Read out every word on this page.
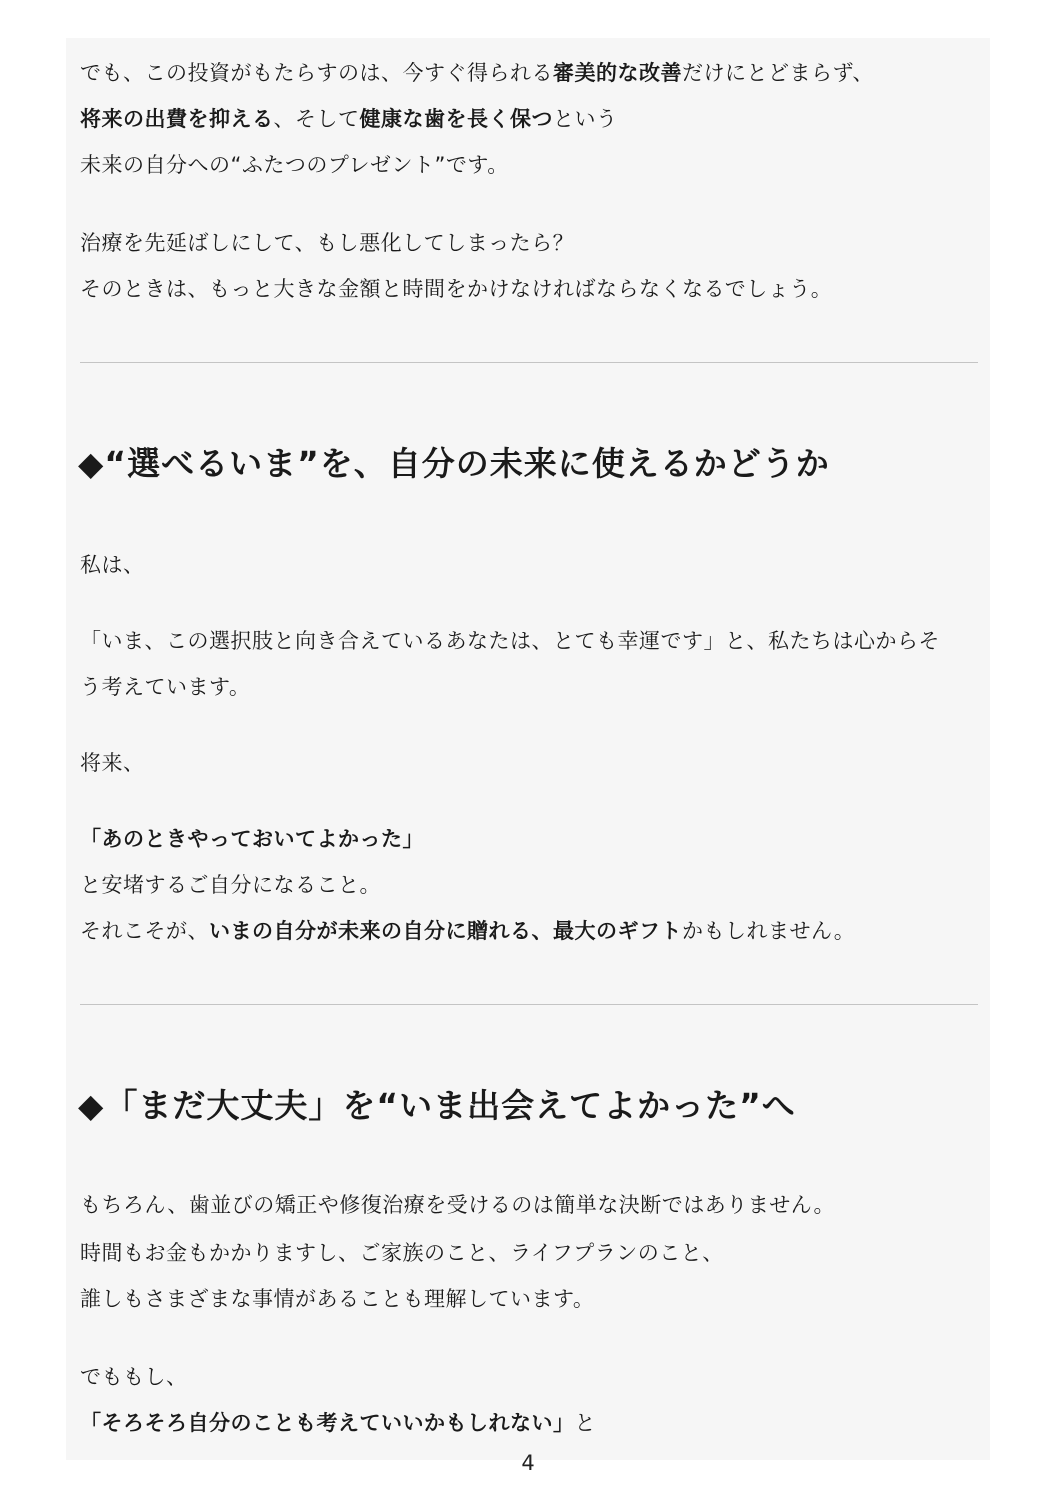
でも、この投資がもたらすのは、今すぐ得られる審美的な改善だけにとどまらず、
将来の出費を抑える、そして健康な歯を長く保つという
未来の自分への“ふたつのプレゼント”です。
治療を先延ばしにして、もし悪化してしまったら？
そのときは、もっと大きな金額と時間をかけなければならなくなるでしょう。
◆“選べるいま”を、自分の未来に使えるかどうか
私は、
「いま、この選択肢と向き合えているあなたは、とても幸運です」と、私たちは心からそ
う考えています。
将来、
「あのときやっておいてよかった」
と安堵するご自分になること。
それこそが、いまの自分が未来の自分に贈れる、最大のギフトかもしれません。
◆「まだ大丈夫」を“いま出会えてよかった”へ
もちろん、歯並びの矯正や修復治療を受けるのは簡単な決断ではありません。
時間もお金もかかりますし、ご家族のこと、ライフプランのこと、
誰しもさまざまな事情があることも理解しています。
でももし、
「そろそろ自分のことも考えていいかもしれない」と
4
